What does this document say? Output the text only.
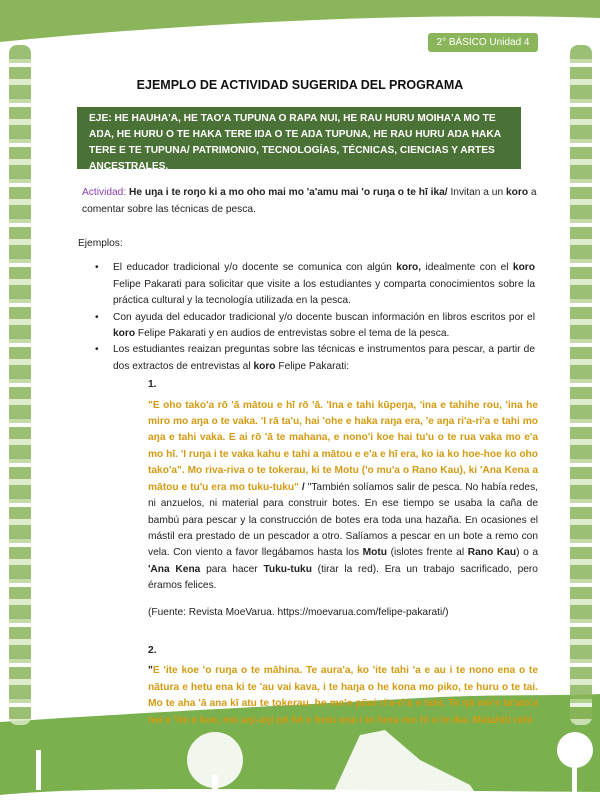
2° BÁSICO Unidad 4
EJEMPLO DE ACTIVIDAD SUGERIDA DEL PROGRAMA
EJE: HE HAUHA'A, HE TAO'A TUPUNA O RAPA NUI, HE RAU HURU MOIHA'A MO TE AŊA, HE HURU O TE HAKA TERE IŊA O TE AŊA TUPUNA, HE RAU HURU AŊA HAKA TERE E TE TUPUNA/ PATRIMONIO, TECNOLOGÍAS, TÉCNICAS, CIENCIAS Y ARTES ANCESTRALES.
Actividad: He uŋa i te roŋo ki a mo oho mai mo 'a'amu mai 'o ruŋa o te hī ika/ Invitan a un koro a comentar sobre las técnicas de pesca.
Ejemplos:
• El educador tradicional y/o docente se comunica con algún koro, idealmente con el koro Felipe Pakarati para solicitar que visite a los estudiantes y comparta conocimientos sobre la práctica cultural y la tecnología utilizada en la pesca.
• Con ayuda del educador tradicional y/o docente buscan información en libros escritos por el koro Felipe Pakarati y en audios de entrevistas sobre el tema de la pesca.
• Los estudiantes reaizan preguntas sobre las técnicas e instrumentos para pescar, a partir de dos extractos de entrevistas al koro Felipe Pakarati:
1.
"E oho tako'a rō 'ā mātou e hī rō 'ā. 'Ina e tahi kūpeŋa, 'ina e tahihe rou, 'ina he miro mo aŋa o te vaka. 'I rā ta'u, hai 'ohe e haka raŋa era, 'e aŋa ri'a-ri'a e tahi mo aŋa e tahi vaka. E ai rō 'ā te mahana, e nono'i koe hai tu'u o te rua vaka mo e'a mo hī. 'I ruŋa i te vaka kahu e tahi a mātou e e'a e hī era, ko ia ko hoe-hoe ko oho tako'a". Mo riva-riva o te tokerau, ki te Motu ('o mu'a o Rano Kau), ki 'Ana Kena a mātou e tu'u era mo tuku-tuku" / "También solíamos salir de pesca. No había redes, ni anzuelos, ni material para construir botes. En ese tiempo se usaba la caña de bambú para pescar y la construcción de botes era toda una hazaña. En ocasiones el mástil era prestado de un pescador a otro. Salíamos a pescar en un bote a remo con vela. Con viento a favor llegábamos hasta los Motu (islotes frente al Rano Kau) o a 'Ana Kena para hacer Tuku-tuku (tirar la red). Era un trabajo sacrificado, pero éramos felices.
(Fuente: Revista MoeVarua. https://moevarua.com/felipe-pakarati/)
2.
"E 'ite koe 'o ruŋa o te māhina. Te aura'a, ko 'ite tahi 'a e au i te nono ena o te nātura e hetu ena ki te 'au vai kava, i te haŋa o he kona mo piko, te huru o te tai. Mo te aha 'ā ana kī atu te tokerau, he me'e pūai ri'a-ri'a e tahi. Te ŋā me'e ta'ato'a nei e 'ite e koe, mo aŋi-aŋi pē hē e hetu ena i te hora mo hī o te ika. Matahiti rahi
